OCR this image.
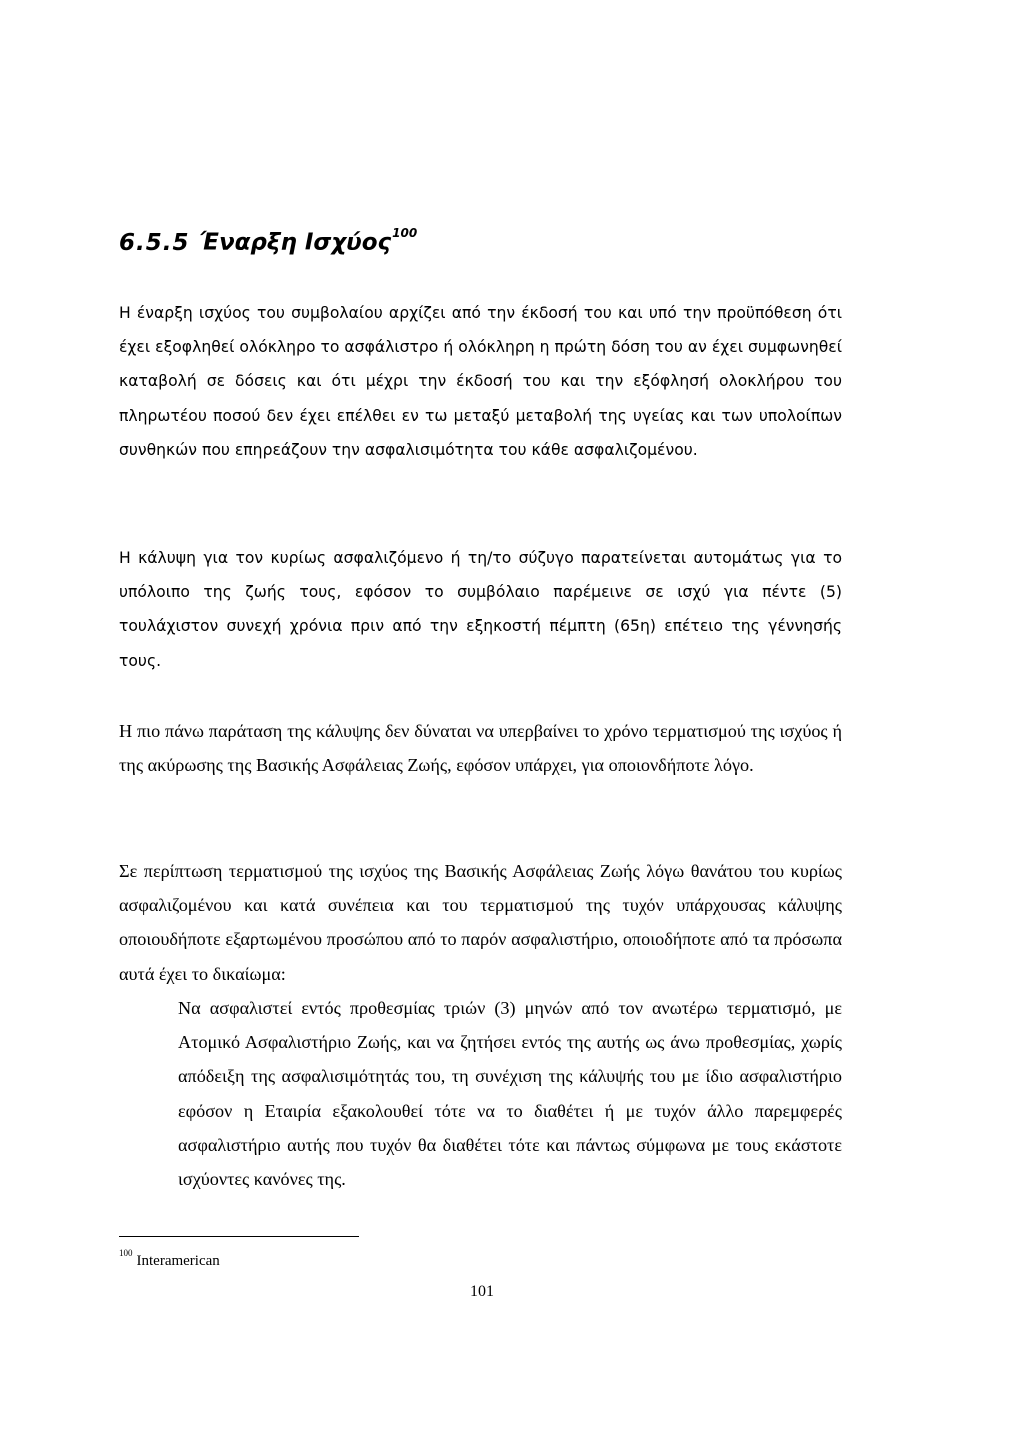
6.5.5 Έναρξη Ισχύος$^{100}$

Η έναρξη ισχύος του συμβολαίου αρχίζει από την έκδοσή του και υπό την προϋπόθεση ότι έχει εξοφληθεί ολόκληρο το ασφάλιστρο ή ολόκληρη η πρώτη δόση του αν έχει συμφωνηθεί καταβολή σε δόσεις και ότι μέχρι την έκδοσή του και την εξόφλησή ολοκλήρου του πληρωτέου ποσού δεν έχει επέλθει εν τω μεταξύ μεταβολή της υγείας και των υπολοίπων συνθηκών που επηρεάζουν την ασφαλισιμότητα του κάθε ασφαλιζομένου.

Η κάλυψη για τον κυρίως ασφαλιζόμενο ή τη/το σύζυγο παρατείνεται αυτομάτως για το υπόλοιπο της ζωής τους, εφόσον το συμβόλαιο παρέμεινε σε ισχύ για πέντε (5) τουλάχιστον συνεχή χρόνια πριν από την εξηκοστή πέμπτη (65η) επέτειο της γέννησής τους.

Η πιο πάνω παράταση της κάλυψης δεν δύναται να υπερβαίνει το χρόνο τερματισμού της ισχύος ή της ακύρωσης της Βασικής Ασφάλειας Ζωής, εφόσον υπάρχει, για οποιονδήποτε λόγο.

Σε περίπτωση τερματισμού της ισχύος της Βασικής Ασφάλειας Ζωής λόγω θανάτου του κυρίως ασφαλιζομένου και κατά συνέπεια και του τερματισμού της τυχόν υπάρχουσας κάλυψης οποιουδήποτε εξαρτωμένου προσώπου από το παρόν ασφαλιστήριο, οποιοδήποτε από τα πρόσωπα αυτά έχει το δικαίωμα:

Να ασφαλιστεί εντός προθεσμίας τριών (3) μηνών από τον ανωτέρω τερματισμό, με Ατομικό Ασφαλιστήριο Ζωής, και να ζητήσει εντός της αυτής ως άνω προθεσμίας, χωρίς απόδειξη της ασφαλισιμότητάς του, τη συνέχιση της κάλυψής του με ίδιο ασφαλιστήριο εφόσον η Εταιρία εξακολουθεί τότε να το διαθέτει ή με τυχόν άλλο παρεμφερές ασφαλιστήριο αυτής που τυχόν θα διαθέτει τότε και πάντως σύμφωνα με τους εκάστοτε ισχύοντες κανόνες της.

$^{100}$ Interamerican
101
